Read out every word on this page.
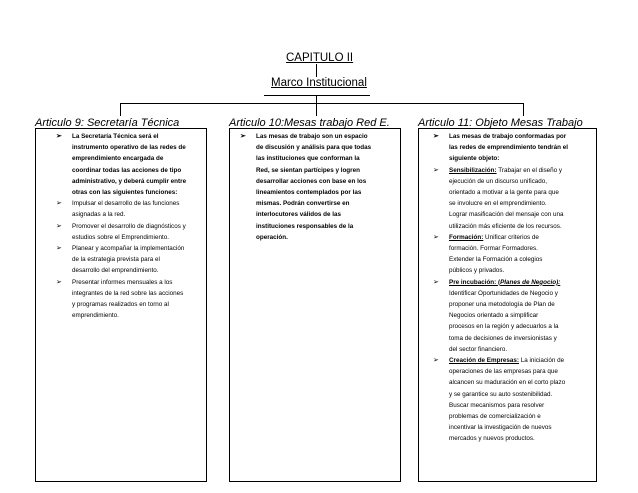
CAPITULO II
Marco Institucional
Articulo 9: Secretaría Técnica	Articulo 10:Mesas trabajo Red E.	Articulo 11: Objeto Mesas Trabajo
➢ La Secretaría Técnica será el
instrumento operativo de las redes de
emprendimiento encargada de
coordinar todas las acciones de tipo
administrativo, y deberá cumplir entre
otras con las siguientes funciones:
➢ Impulsar el desarrollo de las funciones
asignadas a la red.
➢ Promover el desarrollo de diagnósticos y
estudios sobre el Emprendimiento.
➢ Planear y acompañar la implementación
de la estrategia prevista para el
desarrollo del emprendimiento.
➢ Presentar informes mensuales a los
integrantes de la red sobre las acciones
y programas realizados en torno al
emprendimiento.
➢ Las mesas de trabajo son un espacio
de discusión y análisis para que todas
las instituciones que conforman la
Red, se sientan partícipes y logren
desarrollar acciones con base en los
lineamientos contemplados por las
mismas. Podrán convertirse en
interlocutores válidos de las
instituciones responsables de la
operación.
➢ Las mesas de trabajo conformadas por
las redes de emprendimiento tendrán el
siguiente objeto:
➢ Sensibilización: Trabajar en el diseño y
ejecución de un discurso unificado,
orientado a motivar a la gente para que
se involucre en el emprendimiento.
Lograr masificación del mensaje con una
utilización más eficiente de los recursos.
➢ Formación: Unificar criterios de
formación. Formar Formadores.
Extender la Formación a colegios
públicos y privados.
➢ Pre incubación: (Planes de Negocio):
Identificar Oportunidades de Negocio y
proponer una metodología de Plan de
Negocios orientado a simplificar
procesos en la región y adecuarlos a la
toma de decisiones de inversionistas y
del sector financiero.
➢ Creación de Empresas: La iniciación de
operaciones de las empresas para que
alcancen su maduración en el corto plazo
y se garantice su auto sostenibilidad.
Buscar mecanismos para resolver
problemas de comercialización e
incentivar la investigación de nuevos
mercados y nuevos productos.
